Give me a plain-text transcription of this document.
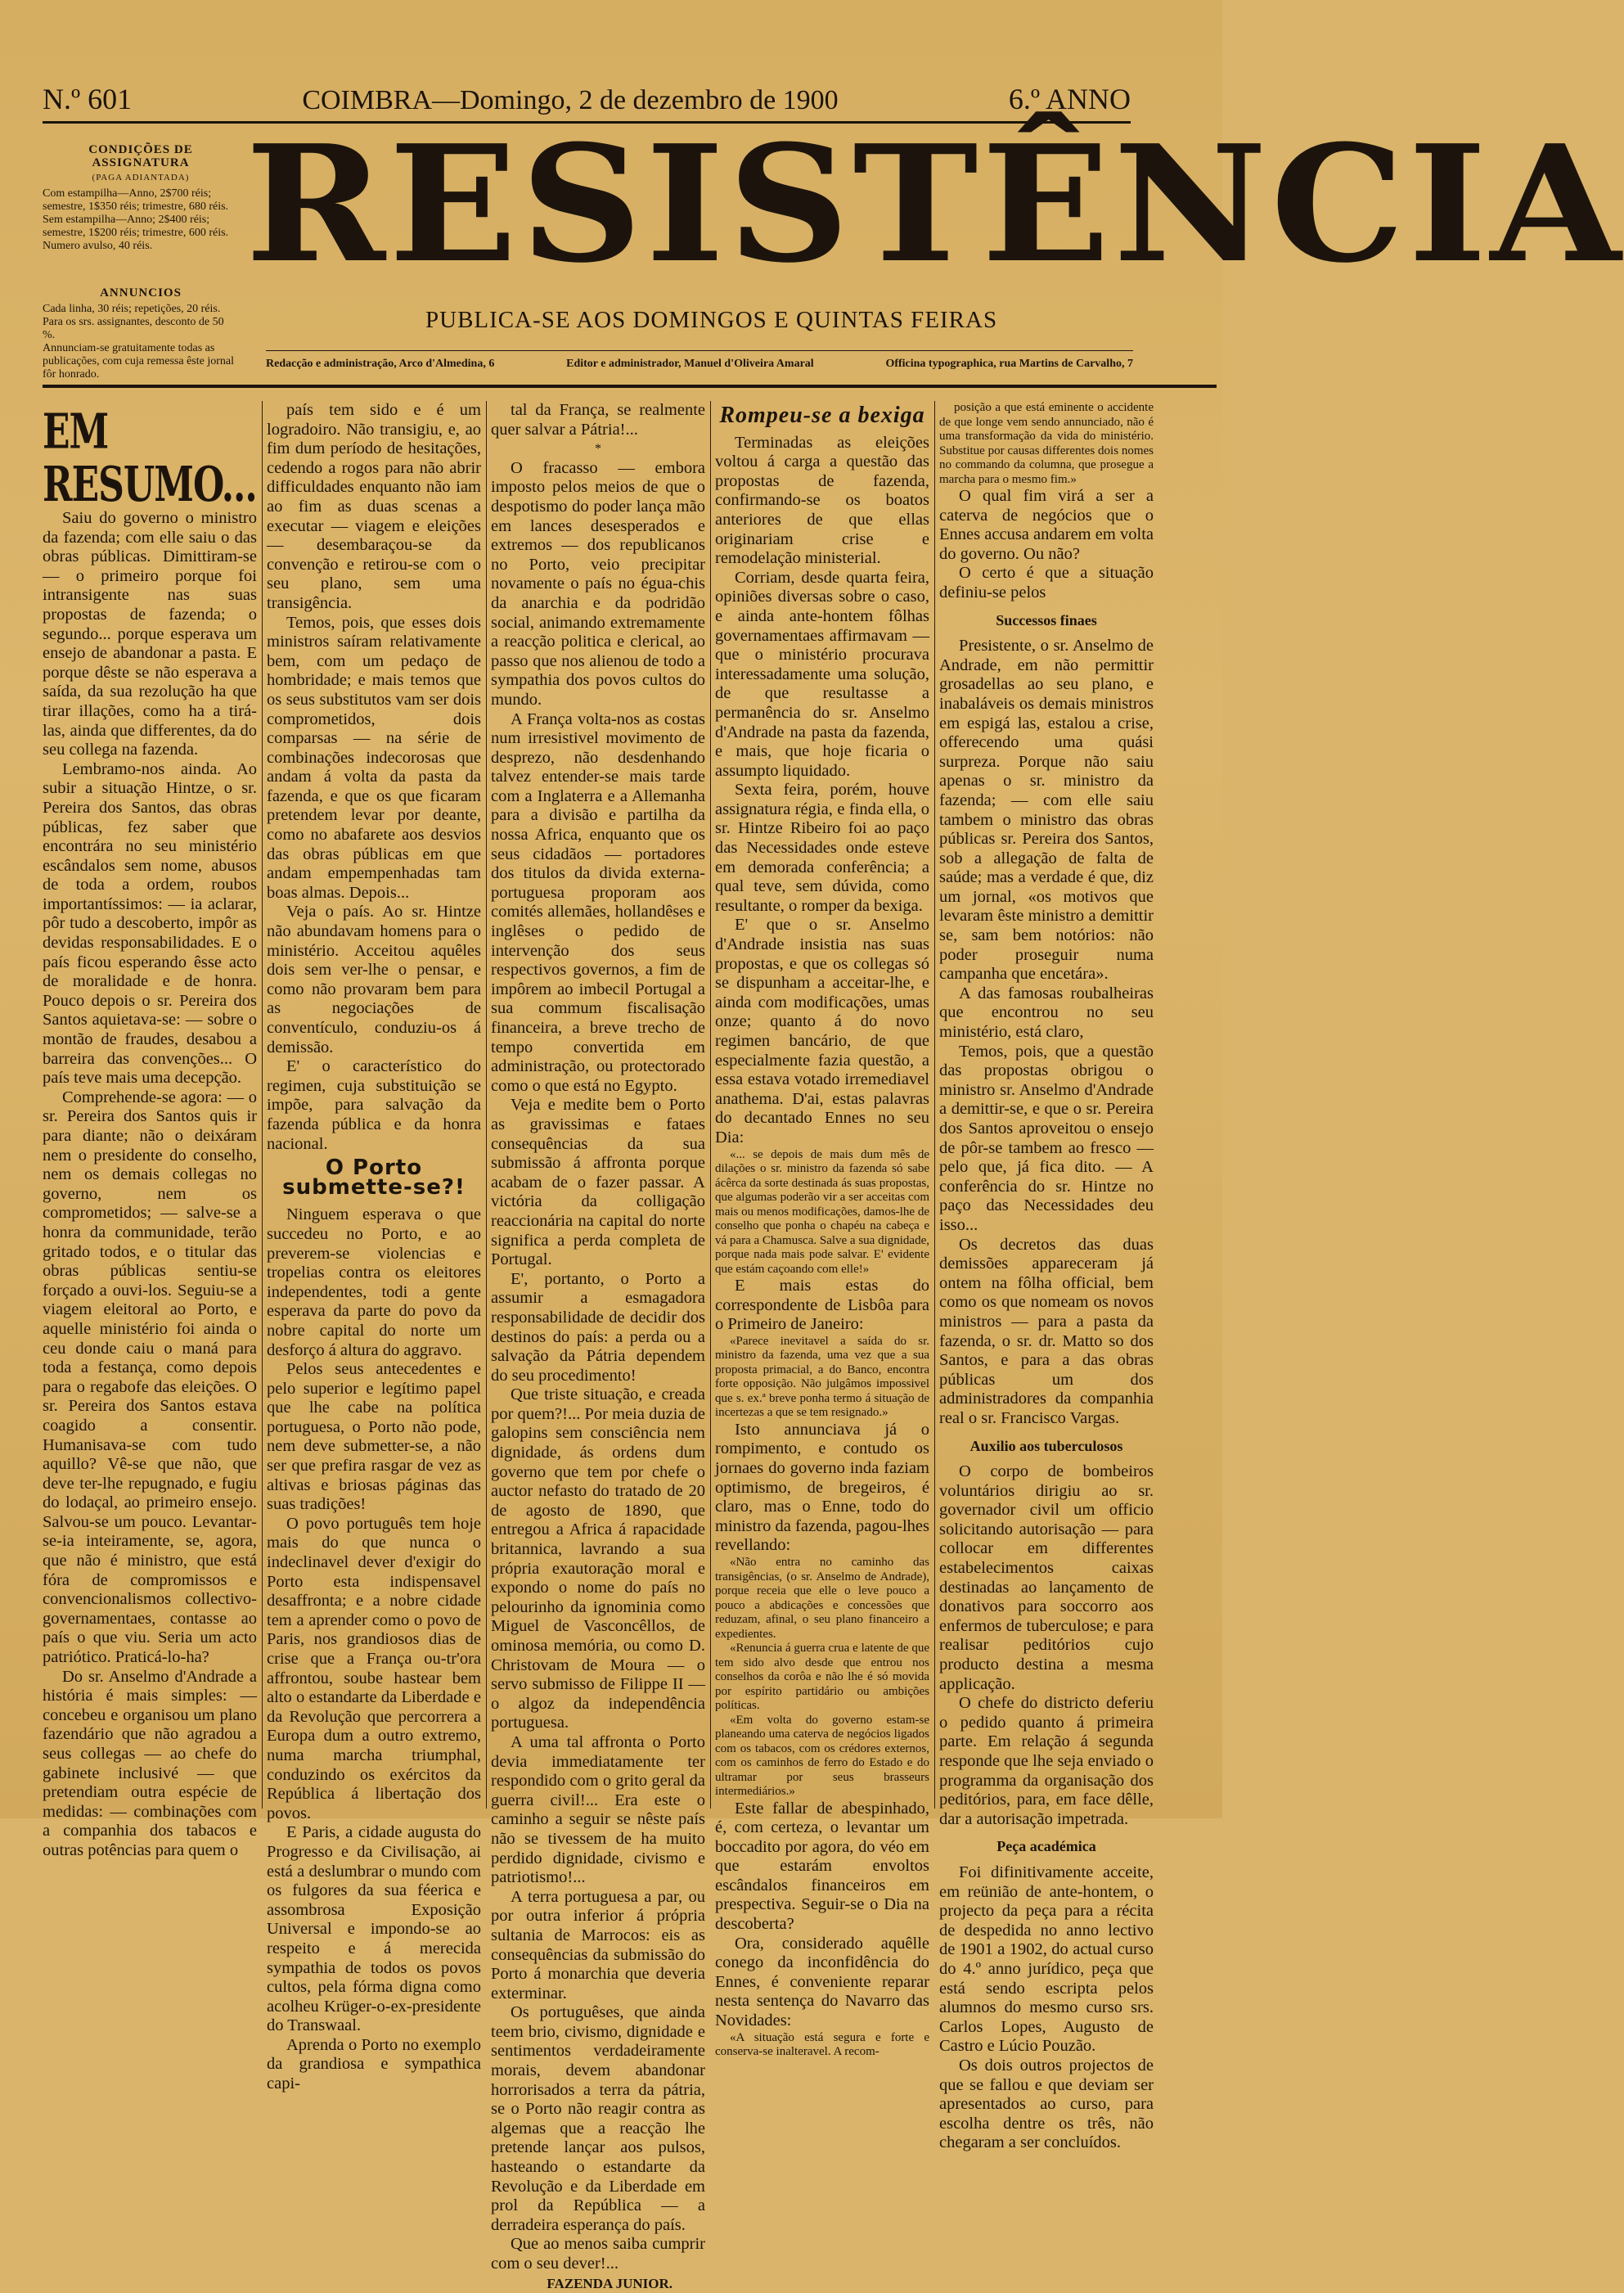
N.º 601	COIMBRA—Domingo, 2 de dezembro de 1900	6.º ANNO
CONDIÇÕES DE ASSIGNATURA
(PAGA ADIANTADA)

Com estampilha—Anno, 2$700 réis; semestre, 1$350 réis; trimestre, 680 réis.

Sem estampilha—Anno; 2$400 réis; semestre, 1$200 réis; trimestre, 600 réis.

Numero avulso, 40 réis.

ANNUNCIOS

Cada linha, 30 réis; repetições, 20 réis. Para os srs. assignantes, desconto de 50 %.

Annunciam-se gratuitamente todas as publicações, com cuja remessa êste jornal fôr honrado.

RESISTÊNCIA
PUBLICA-SE AOS DOMINGOS E QUINTAS FEIRAS
Redacção e administração, Arco d'Almedina, 6	Editor e administrador, Manuel d'Oliveira Amaral	Officina typographica, rua Martins de Carvalho, 7
EM RESUMO...

Saiu do governo o ministro da fazenda; com elle saiu o das obras públicas. Dimittiram-se — o primeiro porque foi intransigente nas suas propostas de fazenda; o segundo... porque esperava um ensejo de abandonar a pasta. E porque dêste se não esperava a saída, da sua rezolução ha que tirar illações, como ha a tirá-las, ainda que differentes, da do seu collega na fazenda.

Lembramo-nos ainda. Ao subir a situação Hintze, o sr. Pereira dos Santos, das obras públicas, fez saber que encontrára no seu ministério escândalos sem nome, abusos de toda a ordem, roubos importantíssimos: — ia aclarar, pôr tudo a descoberto, impôr as devidas responsabilidades. E o país ficou esperando êsse acto de moralidade e de honra. Pouco depois o sr. Pereira dos Santos aquietava-se: — sobre o montão de fraudes, desabou a barreira das convenções... O país teve mais uma decepção.

Comprehende-se agora: — o sr. Pereira dos Santos quis ir para diante; não o deixáram nem o presidente do conselho, nem os demais collegas no governo, nem os comprometidos; — salve-se a honra da communidade, terão gritado todos, e o titular das obras públicas sentiu-se forçado a ouvi-los. Seguiu-se a viagem eleitoral ao Porto, e aquelle ministério foi ainda o ceu donde caiu o maná para toda a festança, como depois para o regabofe das eleições. O sr. Pereira dos Santos estava coagido a consentir. Humanisava-se com tudo aquillo? Vê-se que não, que deve ter-lhe repugnado, e fugiu do lodaçal, ao primeiro ensejo. Salvou-se um pouco. Levantar-se-ia inteiramente, se, agora, que não é ministro, que está fóra de compromissos e convencionalismos collectivo-governamentaes, contasse ao país o que viu. Seria um acto patriótico. Praticá-lo-ha?

Do sr. Anselmo d'Andrade a história é mais simples: — concebeu e organisou um plano fazendário que não agradou a seus collegas — ao chefe do gabinete inclusivé — que pretendiam outra espécie de medidas: — combinações com a companhia dos tabacos e outras potências para quem o

país tem sido e é um logradoiro. Não transigiu, e, ao fim dum período de hesitações, cedendo a rogos para não abrir difficuldades enquanto não iam ao fim as duas scenas a executar — viagem e eleições — desembaraçou-se da convenção e retirou-se com o seu plano, sem uma transigência.

Temos, pois, que esses dois ministros saíram relativamente bem, com um pedaço de hombridade; e mais temos que os seus substitutos vam ser dois comprometidos, dois comparsas — na série de combinações indecorosas que andam á volta da pasta da fazenda, e que os que ficaram pretendem levar por deante, como no abafarete aos desvios das obras públicas em que andam empempenhadas tam boas almas. Depois...

Veja o país. Ao sr. Hintze não abundavam homens para o ministério. Acceitou aquêles dois sem ver-lhe o pensar, e como não provaram bem para as negociações de conventículo, conduziu-os á demissão.

E' o característico do regimen, cuja substituição se impõe, para salvação da fazenda pública e da honra nacional.

O Porto submette-se?!

Ninguem esperava o que succedeu no Porto, e ao preverem-se violencias e tropelias contra os eleitores independentes, todi a gente esperava da parte do povo da nobre capital do norte um desforço á altura do aggravo.

Pelos seus antecedentes e pelo superior e legítimo papel que lhe cabe na política portuguesa, o Porto não pode, nem deve submetter-se, a não ser que prefira rasgar de vez as altivas e briosas páginas das suas tradições!

O povo português tem hoje mais do que nunca o indeclinavel dever d'exigir do Porto esta indispensavel desaffronta; e a nobre cidade tem a aprender como o povo de Paris, nos grandiosos dias de crise que a França ou-tr'ora affrontou, soube hastear bem alto o estandarte da Liberdade e da Revolução que percorrera a Europa dum a outro extremo, numa marcha triumphal, conduzindo os exércitos da República á libertação dos povos.

E Paris, a cidade augusta do Progresso e da Civilisação, ai está a deslumbrar o mundo com os fulgores da sua féerica e assombrosa Exposição Universal e impondo-se ao respeito e á merecida sympathia de todos os povos cultos, pela fórma digna como acolheu Krüger-o-ex-presidente do Transwaal.

Aprenda o Porto no exemplo da grandiosa e sympathica capi-

tal da França, se realmente quer salvar a Pátria!...

*

O fracasso — embora imposto pelos meios de que o despotismo do poder lança mão em lances desesperados e extremos — dos republicanos no Porto, veio precipitar novamente o país no égua-chis da anarchia e da podridão social, animando extremamente a reacção politica e clerical, ao passo que nos alienou de todo a sympathia dos povos cultos do mundo.

A França volta-nos as costas num irresistivel movimento de desprezo, não desdenhando talvez entender-se mais tarde com a Inglaterra e a Allemanha para a divisão e partilha da nossa Africa, enquanto que os seus cidadãos — portadores dos titulos da divida externa-portuguesa proporam aos comités allemães, hollandêses e inglêses o pedido de intervenção dos seus respectivos governos, a fim de impôrem ao imbecil Portugal a sua commum fiscalisação financeira, a breve trecho de tempo convertida em administração, ou protectorado como o que está no Egypto.

Veja e medite bem o Porto as gravissimas e fataes consequências da sua submissão á affronta porque acabam de o fazer passar. A victória da colligação reaccionária na capital do norte significa a perda completa de Portugal.

E', portanto, o Porto a assumir a esmagadora responsabilidade de decidir dos destinos do país: a perda ou a salvação da Pátria dependem do seu procedimento!

Que triste situação, e creada por quem?!... Por meia duzia de galopins sem consciência nem dignidade, ás ordens dum governo que tem por chefe o auctor nefasto do tratado de 20 de agosto de 1890, que entregou a Africa á rapacidade britannica, lavrando a sua própria exautoração moral e expondo o nome do país no pelourinho da ignominia como Miguel de Vasconcêllos, de ominosa memória, ou como D. Christovam de Moura — o servo submisso de Filippe II — o algoz da independência portuguesa.

A uma tal affronta o Porto devia immediatamente ter respondido com o grito geral da guerra civil!... Era este o caminho a seguir se nêste país não se tivessem de ha muito perdido dignidade, civismo e patriotismo!...

A terra portuguesa a par, ou por outra inferior á própria sultania de Marrocos: eis as consequências da submissão do Porto á monarchia que deveria exterminar.

Os portuguêses, que ainda teem brio, civismo, dignidade e sentimentos verdadeiramente morais, devem abandonar horrorisados a terra da pátria, se o Porto não reagir contra as algemas que a reacção lhe pretende lançar aos pulsos, hasteando o estandarte da Revolução e da Liberdade em prol da República — a derradeira esperança do país.

Que ao menos saiba cumprir com o seu dever!...

FAZENDA JUNIOR.
Rompeu-se a bexiga

Terminadas as eleições voltou á carga a questão das propostas de fazenda, confirmando-se os boatos anteriores de que ellas originariam crise e remodelação ministerial.

Corriam, desde quarta feira, opiniões diversas sobre o caso, e ainda ante-hontem fôlhas governamentaes affirmavam — que o ministério procurava interessadamente uma solução, de que resultasse a permanência do sr. Anselmo d'Andrade na pasta da fazenda, e mais, que hoje ficaria o assumpto liquidado.

Sexta feira, porém, houve assignatura régia, e finda ella, o sr. Hintze Ribeiro foi ao paço das Necessidades onde esteve em demorada conferência; a qual teve, sem dúvida, como resultante, o romper da bexiga.

E' que o sr. Anselmo d'Andrade insistia nas suas propostas, e que os collegas só se dispunham a acceitar-lhe, e ainda com modificações, umas onze; quanto á do novo regimen bancário, de que especialmente fazia questão, a essa estava votado irremediavel anathema. D'ai, estas palavras do decantado Ennes no seu Dia:

«... se depois de mais dum mês de dilações o sr. ministro da fazenda só sabe ácêrca da sorte destinada ás suas propostas, que algumas poderão vir a ser acceitas com mais ou menos modificações, damos-lhe de conselho que ponha o chapéu na cabeça e vá para a Chamusca. Salve a sua dignidade, porque nada mais pode salvar. E' evidente que estám caçoando com elle!»

E mais estas do correspondente de Lisbôa para o Primeiro de Janeiro:

«Parece inevitavel a saída do sr. ministro da fazenda, uma vez que a sua proposta primacial, a do Banco, encontra forte opposição. Não julgâmos impossivel que s. ex.ª breve ponha termo á situação de incertezas a que se tem resignado.»

Isto annunciava já o rompimento, e contudo os jornaes do governo inda faziam optimismo, de bregeiros, é claro, mas o Enne, todo do ministro da fazenda, pagou-lhes revellando:

«Não entra no caminho das transigências, (o sr. Anselmo de Andrade), porque receia que elle o leve pouco a pouco a abdicações e concessões que reduzam, afinal, o seu plano financeiro a expedientes.

«Renuncia á guerra crua e latente de que tem sido alvo desde que entrou nos conselhos da corôa e não lhe é só movida por espírito partidário ou ambições políticas.

«Em volta do governo estam-se planeando uma caterva de negócios ligados com os tabacos, com os crédores externos, com os caminhos de ferro do Estado e do ultramar por seus brasseurs intermediários.»

Este fallar de abespinhado, é, com certeza, o levantar um boccadito por agora, do véo em que estarám envoltos escândalos financeiros em prespectiva. Seguir-se o Dia na descoberta?

Ora, considerado aquêlle conego da inconfidência do Ennes, é conveniente reparar nesta sentença do Navarro das Novidades:

«A situação está segura e forte e conserva-se inalteravel. A recom-

posição a que está eminente o accidente de que longe vem sendo annunciado, não é uma transformação da vida do ministério. Substitue por causas differentes dois nomes no commando da columna, que prosegue a marcha para o mesmo fim.»

O qual fim virá a ser a caterva de negócios que o Ennes accusa andarem em volta do governo. Ou não?

O certo é que a situação definiu-se pelos

Successos finaes

Presistente, o sr. Anselmo de Andrade, em não permittir grosadellas ao seu plano, e inabaláveis os demais ministros em espigá las, estalou a crise, offerecendo uma quási surpreza. Porque não saiu apenas o sr. ministro da fazenda; — com elle saiu tambem o ministro das obras públicas sr. Pereira dos Santos, sob a allegação de falta de saúde; mas a verdade é que, diz um jornal, «os motivos que levaram êste ministro a demittir se, sam bem notórios: não poder proseguir numa campanha que encetára».

A das famosas roubalheiras que encontrou no seu ministério, está claro,

Temos, pois, que a questão das propostas obrigou o ministro sr. Anselmo d'Andrade a demittir-se, e que o sr. Pereira dos Santos aproveitou o ensejo de pôr-se tambem ao fresco — pelo que, já fica dito. — A conferência do sr. Hintze no paço das Necessidades deu isso...

Os decretos das duas demissões appareceram já ontem na fôlha official, bem como os que nomeam os novos ministros — para a pasta da fazenda, o sr. dr. Matto so dos Santos, e para a das obras públicas um dos administradores da companhia real o sr. Francisco Vargas.

Auxilio aos tuberculosos

O corpo de bombeiros voluntários dirigiu ao sr. governador civil um officio solicitando autorisação — para collocar em differentes estabelecimentos caixas destinadas ao lançamento de donativos para soccorro aos enfermos de tuberculose; e para realisar peditórios cujo producto destina a mesma applicação.

O chefe do districto deferiu o pedido quanto á primeira parte. Em relação á segunda responde que lhe seja enviado o programma da organisação dos peditórios, para, em face dêlle, dar a autorisação impetrada.

Peça académica

Foi difinitivamente acceite, em reünião de ante-hontem, o projecto da peça para a récita de despedida no anno lectivo de 1901 a 1902, do actual curso do 4.º anno jurídico, peça que está sendo escripta pelos alumnos do mesmo curso srs. Carlos Lopes, Augusto de Castro e Lúcio Pouzão.

Os dois outros projectos de que se fallou e que deviam ser apresentados ao curso, para escolha dentre os três, não chegaram a ser concluídos.
